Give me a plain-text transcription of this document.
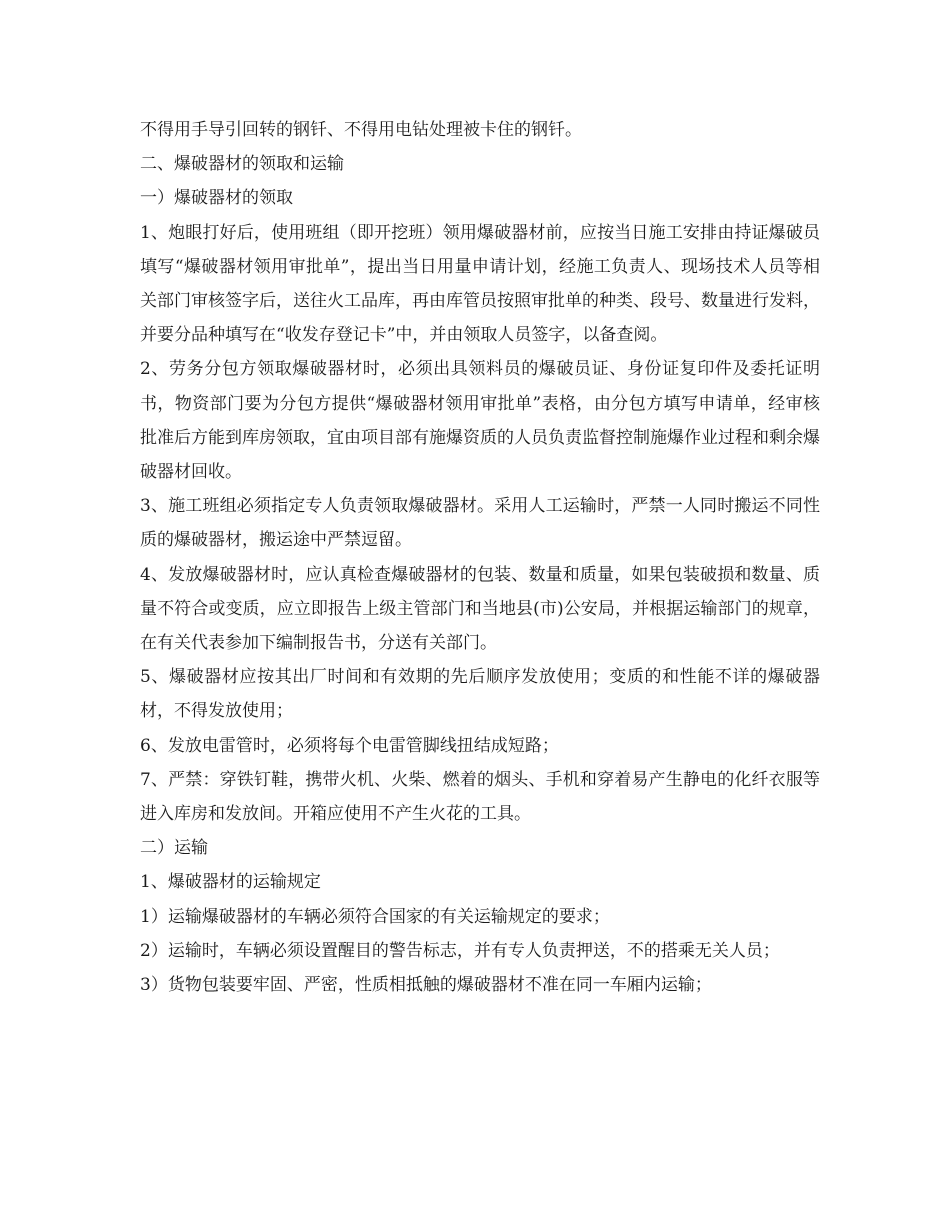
不得用手导引回转的钢钎、不得用电钻处理被卡住的钢钎。

二、爆破器材的领取和运输

一）爆破器材的领取

1、炮眼打好后，使用班组（即开挖班）领用爆破器材前，应按当日施工安排由持证爆破员填写“爆破器材领用审批单”，提出当日用量申请计划，经施工负责人、现场技术人员等相关部门审核签字后，送往火工品库，再由库管员按照审批单的种类、段号、数量进行发料，并要分品种填写在“收发存登记卡”中，并由领取人员签字，以备查阅。

2、劳务分包方领取爆破器材时，必须出具领料员的爆破员证、身份证复印件及委托证明书，物资部门要为分包方提供“爆破器材领用审批单”表格，由分包方填写申请单，经审核批准后方能到库房领取，宜由项目部有施爆资质的人员负责监督控制施爆作业过程和剩余爆破器材回收。

3、施工班组必须指定专人负责领取爆破器材。采用人工运输时，严禁一人同时搬运不同性质的爆破器材，搬运途中严禁逗留。

4、发放爆破器材时，应认真检查爆破器材的包装、数量和质量，如果包装破损和数量、质量不符合或变质，应立即报告上级主管部门和当地县(市)公安局，并根据运输部门的规章，在有关代表参加下编制报告书，分送有关部门。

5、爆破器材应按其出厂时间和有效期的先后顺序发放使用；变质的和性能不详的爆破器材，不得发放使用；

6、发放电雷管时，必须将每个电雷管脚线扭结成短路；

7、严禁：穿铁钉鞋，携带火机、火柴、燃着的烟头、手机和穿着易产生静电的化纤衣服等进入库房和发放间。开箱应使用不产生火花的工具。

二）运输

1、爆破器材的运输规定

1）运输爆破器材的车辆必须符合国家的有关运输规定的要求；

2）运输时，车辆必须设置醒目的警告标志，并有专人负责押送，不的搭乘无关人员；

3）货物包装要牢固、严密，性质相抵触的爆破器材不准在同一车厢内运输；
